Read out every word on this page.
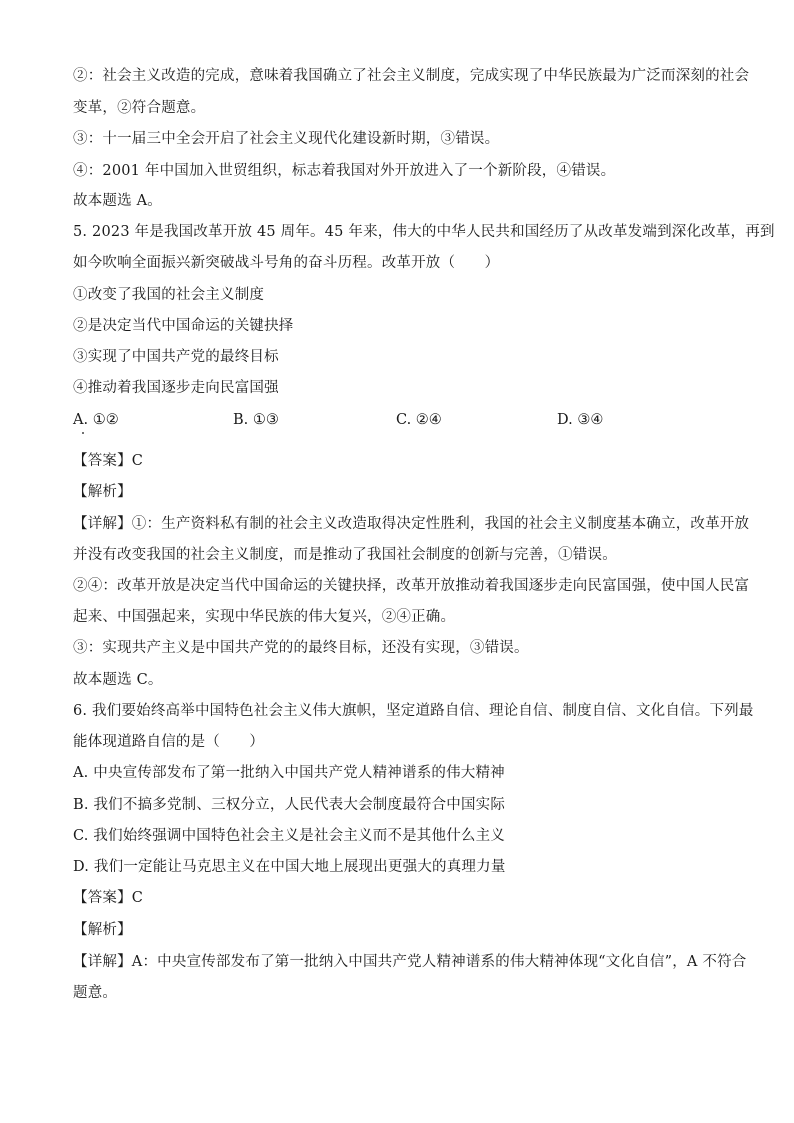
②：社会主义改造的完成，意味着我国确立了社会主义制度，完成实现了中华民族最为广泛而深刻的社会
变革，②符合题意。
③：十一届三中全会开启了社会主义现代化建设新时期，③错误。
④：2001 年中国加入世贸组织，标志着我国对外开放进入了一个新阶段，④错误。
故本题选 A。
5. 2023 年是我国改革开放 45 周年。45 年来，伟大的中华人民共和国经历了从改革发端到深化改革，再到
如今吹响全面振兴新突破战斗号角的奋斗历程。改革开放（　　）
①改变了我国的社会主义制度
②是决定当代中国命运的关键抉择
③实现了中国共产党的最终目标
④推动着我国逐步走向民富国强
A. ①②	B. ①③	C. ②④	D. ③④
【答案】C
【解析】
【详解】①：生产资料私有制的社会主义改造取得决定性胜利，我国的社会主义制度基本确立，改革开放
并没有改变我国的社会主义制度，而是推动了我国社会制度的创新与完善，①错误。
②④：改革开放是决定当代中国命运的关键抉择，改革开放推动着我国逐步走向民富国强，使中国人民富
起来、中国强起来，实现中华民族的伟大复兴，②④正确。
③：实现共产主义是中国共产党的的最终目标，还没有实现，③错误。
故本题选 C。
6. 我们要始终高举中国特色社会主义伟大旗帜，坚定道路自信、理论自信、制度自信、文化自信。下列最
能体现道路自信的是（　　）
A. 中央宣传部发布了第一批纳入中国共产党人精神谱系的伟大精神
B. 我们不搞多党制、三权分立，人民代表大会制度最符合中国实际
C. 我们始终强调中国特色社会主义是社会主义而不是其他什么主义
D. 我们一定能让马克思主义在中国大地上展现出更强大的真理力量
【答案】C
【解析】
【详解】A：中央宣传部发布了第一批纳入中国共产党人精神谱系的伟大精神体现“文化自信”，A 不符合
题意。
